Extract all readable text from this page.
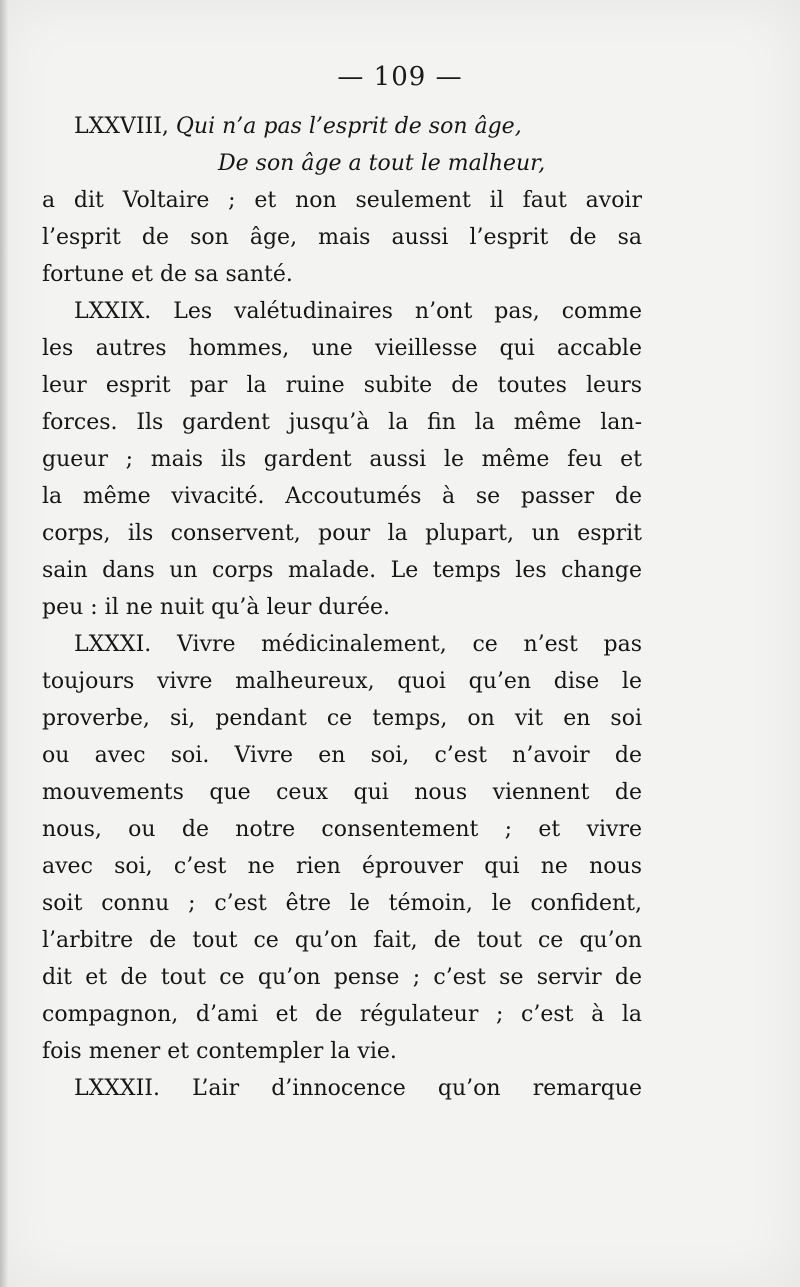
— 109 —
LXXVIII, Qui n’a pas l’esprit de son âge,
De son âge a tout le malheur,
a dit Voltaire ; et non seulement il faut avoir
l’esprit de son âge, mais aussi l’esprit de sa
fortune et de sa santé.
LXXIX. Les valétudinaires n’ont pas, comme
les autres hommes, une vieillesse qui accable
leur esprit par la ruine subite de toutes leurs
forces. Ils gardent jusqu’à la fin la même lan-
gueur ; mais ils gardent aussi le même feu et
la même vivacité. Accoutumés à se passer de
corps, ils conservent, pour la plupart, un esprit
sain dans un corps malade. Le temps les change
peu : il ne nuit qu’à leur durée.
LXXXI. Vivre médicinalement, ce n’est pas
toujours vivre malheureux, quoi qu’en dise le
proverbe, si, pendant ce temps, on vit en soi
ou avec soi. Vivre en soi, c’est n’avoir de
mouvements que ceux qui nous viennent de
nous, ou de notre consentement ; et vivre
avec soi, c’est ne rien éprouver qui ne nous
soit connu ; c’est être le témoin, le confident,
l’arbitre de tout ce qu’on fait, de tout ce qu’on
dit et de tout ce qu’on pense ; c’est se servir de
compagnon, d’ami et de régulateur ; c’est à la
fois mener et contempler la vie.
LXXXII. L’air d’innocence qu’on remarque
